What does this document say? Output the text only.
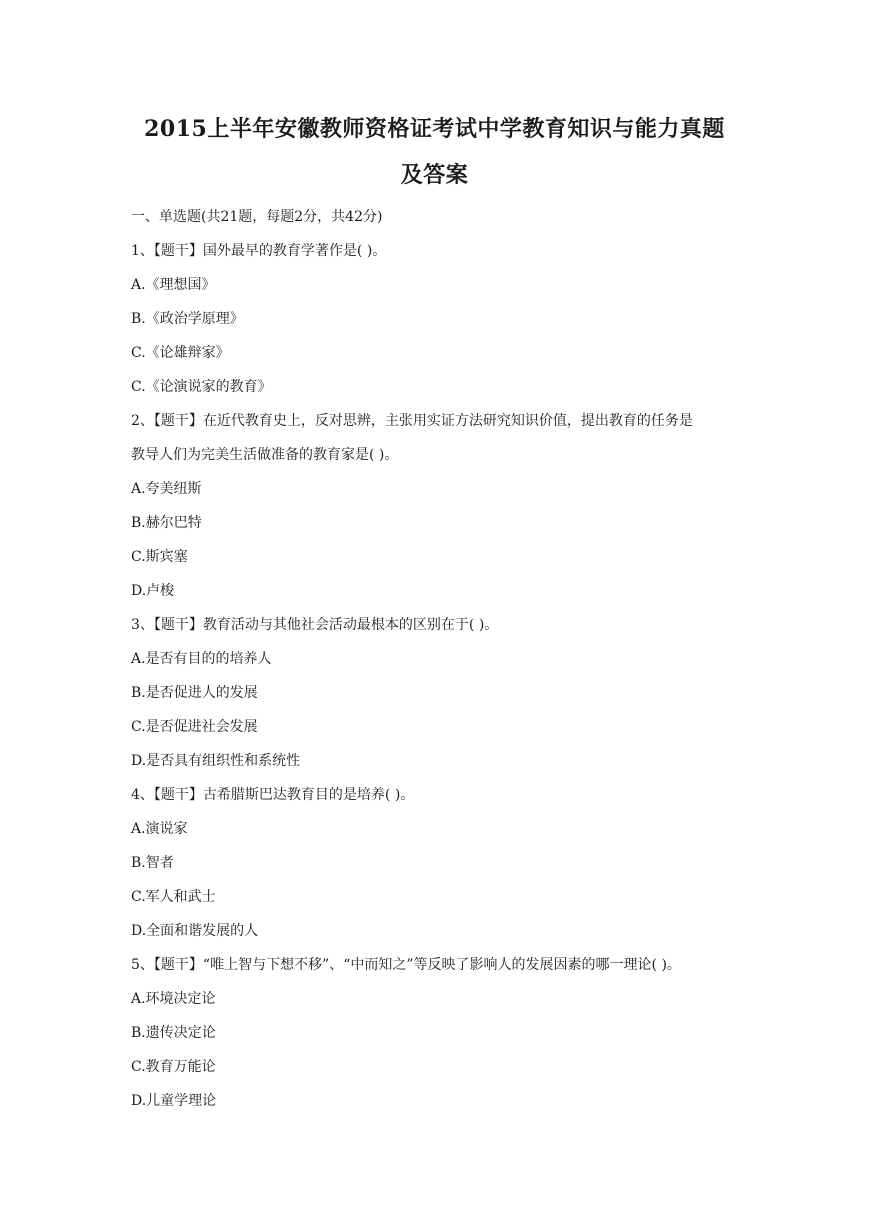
2015上半年安徽教师资格证考试中学教育知识与能力真题
及答案

一、单选题(共21题，每题2分，共42分)

1、【题干】国外最早的教育学著作是( )。

A.《理想国》

B.《政治学原理》

C.《论雄辩家》

C.《论演说家的教育》

2、【题干】在近代教育史上，反对思辨，主张用实证方法研究知识价值，提出教育的任务是

教导人们为完美生活做准备的教育家是( )。

A.夸美纽斯

B.赫尔巴特

C.斯宾塞

D.卢梭

3、【题干】教育活动与其他社会活动最根本的区别在于( )。

A.是否有目的的培养人

B.是否促进人的发展

C.是否促进社会发展

D.是否具有组织性和系统性

4、【题干】古希腊斯巴达教育目的是培养( )。

A.演说家

B.智者

C.军人和武士

D.全面和谐发展的人

5、【题干】“唯上智与下想不移”、“中而知之”等反映了影响人的发展因素的哪一理论( )。

A.环境决定论

B.遗传决定论

C.教育万能论

D.儿童学理论
